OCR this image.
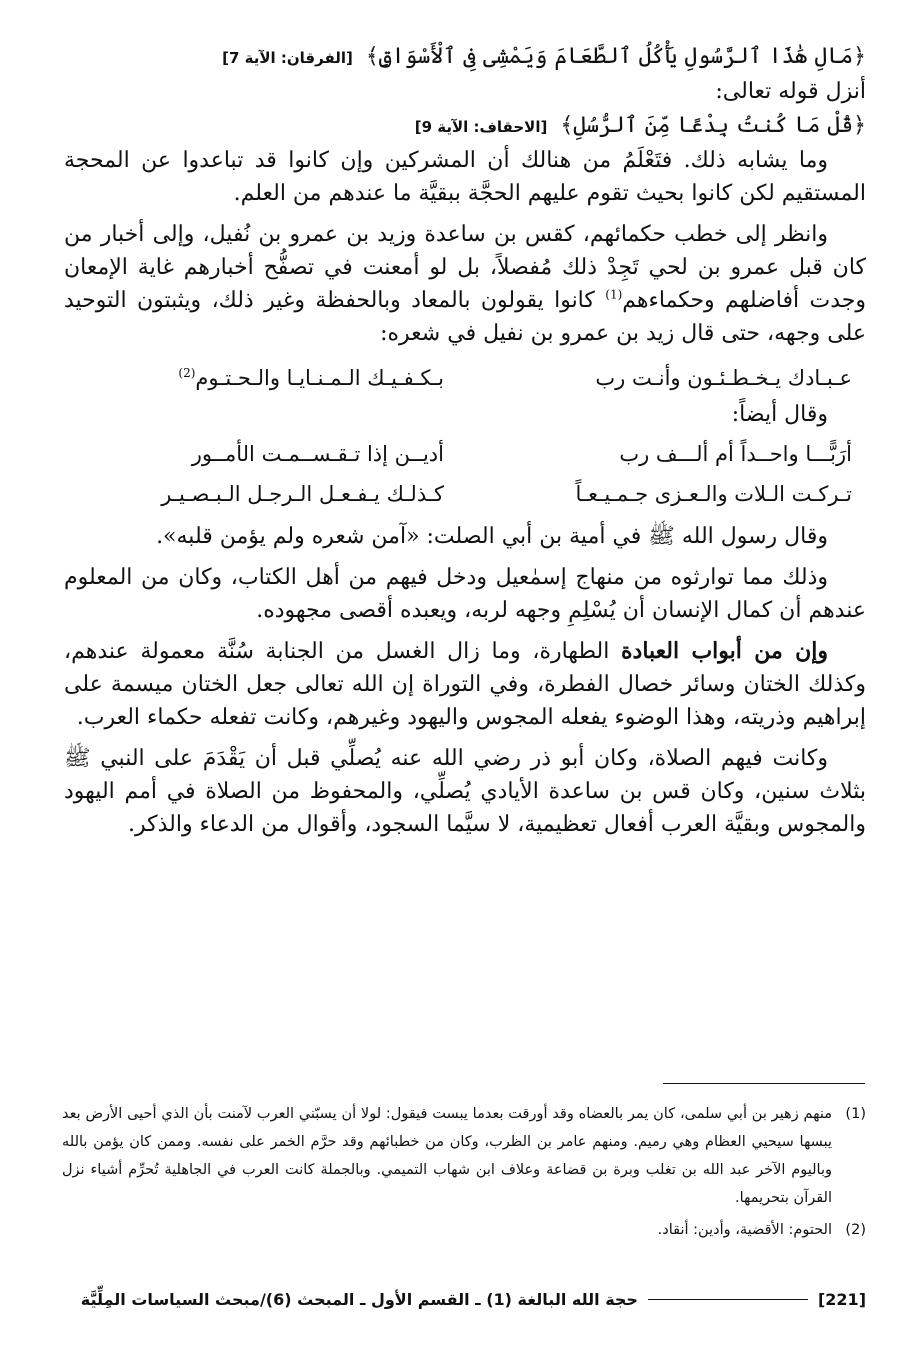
﴿مَالِ هَٰذَا ٱلرَّسُولِ يَأْكُلُ ٱلطَّعَامَ وَيَمْشِى فِى ٱلْأَسْوَاقِ﴾ [الفرقان: الآية 7]

أنزل قوله تعالى:

﴿قُلْ مَا كُنتُ بِدْعًا مِّنَ ٱلرُّسُلِ﴾ [الاحقاف: الآية 9]

وما يشابه ذلك. فتَعْلَمُ من هنالك أن المشركين وإن كانوا قد تباعدوا عن المحجة المستقيم لكن كانوا بحيث تقوم عليهم الحجَّة ببقيَّة ما عندهم من العلم.

وانظر إلى خطب حكمائهم، كقس بن ساعدة وزيد بن عمرو بن نُفيل، وإلى أخبار من كان قبل عمرو بن لحي تَجِدْ ذلك مُفصلاً، بل لو أمعنت في تصفُّح أخبارهم غاية الإمعان وجدت أفاضلهم وحكماءهم$^{(1)}$ كانوا يقولون بالمعاد وبالحفظة وغير ذلك، ويثبتون التوحيد على وجهه، حتى قال زيد بن عمرو بن نفيل في شعره:

عـبـادك يـخـطـئـون وأنـت رب
بـكـفـيـك الـمـنـايـا والـحـتـوم$^{(2)}$

وقال أيضاً:

أرَبًّـــا واحــداً أم ألـــف رب
أديــن إذا تـقـســمـت الأمــور
تـركـت الـلات والـعـزى جـمـيـعـاً
كـذلـك يـفـعـل الـرجـل الـبـصـيـر

وقال رسول الله ﷺ في أمية بن أبي الصلت: «آمن شعره ولم يؤمن قلبه».

وذلك مما توارثوه من منهاج إسمٰعيل ودخل فيهم من أهل الكتاب، وكان من المعلوم عندهم أن كمال الإنسان أن يُسْلِمِ وجهه لربه، ويعبده أقصى مجهوده.

وإن من أبواب العبادة الطهارة، وما زال الغسل من الجنابة سُنَّة معمولة عندهم، وكذلك الختان وسائر خصال الفطرة، وفي التوراة إن الله تعالى جعل الختان ميسمة على إبراهيم وذريته، وهذا الوضوء يفعله المجوس واليهود وغيرهم، وكانت تفعله حكماء العرب.

وكانت فيهم الصلاة، وكان أبو ذر رضي الله عنه يُصلِّي قبل أن يَقْدَمَ على النبي ﷺ بثلاث سنين، وكان قس بن ساعدة الأيادي يُصلِّي، والمحفوظ من الصلاة في أمم اليهود والمجوس وبقيَّة العرب أفعال تعظيمية، لا سيَّما السجود، وأقوال من الدعاء والذكر.

(1)
منهم زهير بن أبي سلمى، كان يمر بالعضاه وقد أورقت بعدما يبست فيقول: لولا أن يسبّني العرب لآمنت بأن الذي أحيى الأرض بعد يبسها سيحيي العظام وهي رميم. ومنهم عامر بن الظرب، وكان من خطبائهم وقد حرَّم الخمر على نفسه. وممن كان يؤمن بالله وباليوم الآخر عبد الله بن تغلب وبرة بن قضاعة وعلاف ابن شهاب التميمي. وبالجملة كانت العرب في الجاهلية تُحرِّم أشياء نزل القرآن بتحريمها.
(2)
الحتوم: الأقضية، وأدين: أنقاد.
[221]
حجة الله البالغة (1) ـ القسم الأول ـ المبحث (6)/مبحث السياسات المِلِّيَّة
